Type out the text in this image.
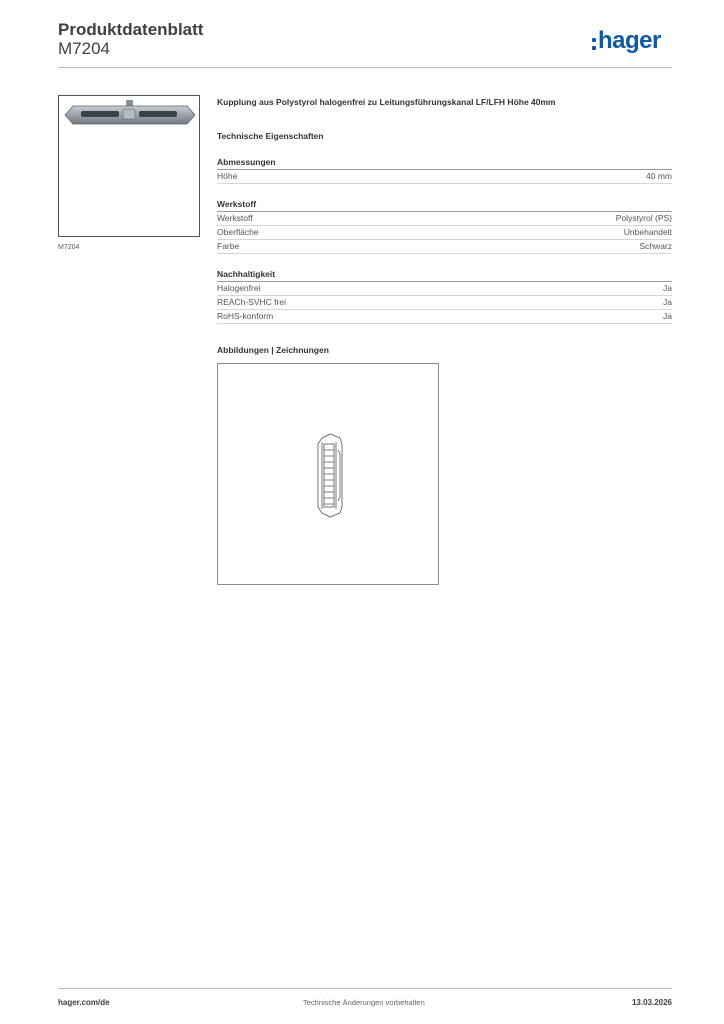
Produktdatenblatt
M7204	hager
M7204

Kupplung aus Polystyrol halogenfrei zu Leitungsführungskanal LF/LFH Höhe 40mm

Technische Eigenschaften
Abmessungen
Höhe	40 mm
Werkstoff
Werkstoff	Polystyrol (PS)
Oberfläche	Unbehandelt
Farbe	Schwarz
Nachhaltigkeit
Halogenfrei	Ja
REACh-SVHC frei	Ja
RoHS-konform	Ja
Abbildungen | Zeichnungen
hager.com/de	Technische Änderungen vorbehalten	13.03.2026
